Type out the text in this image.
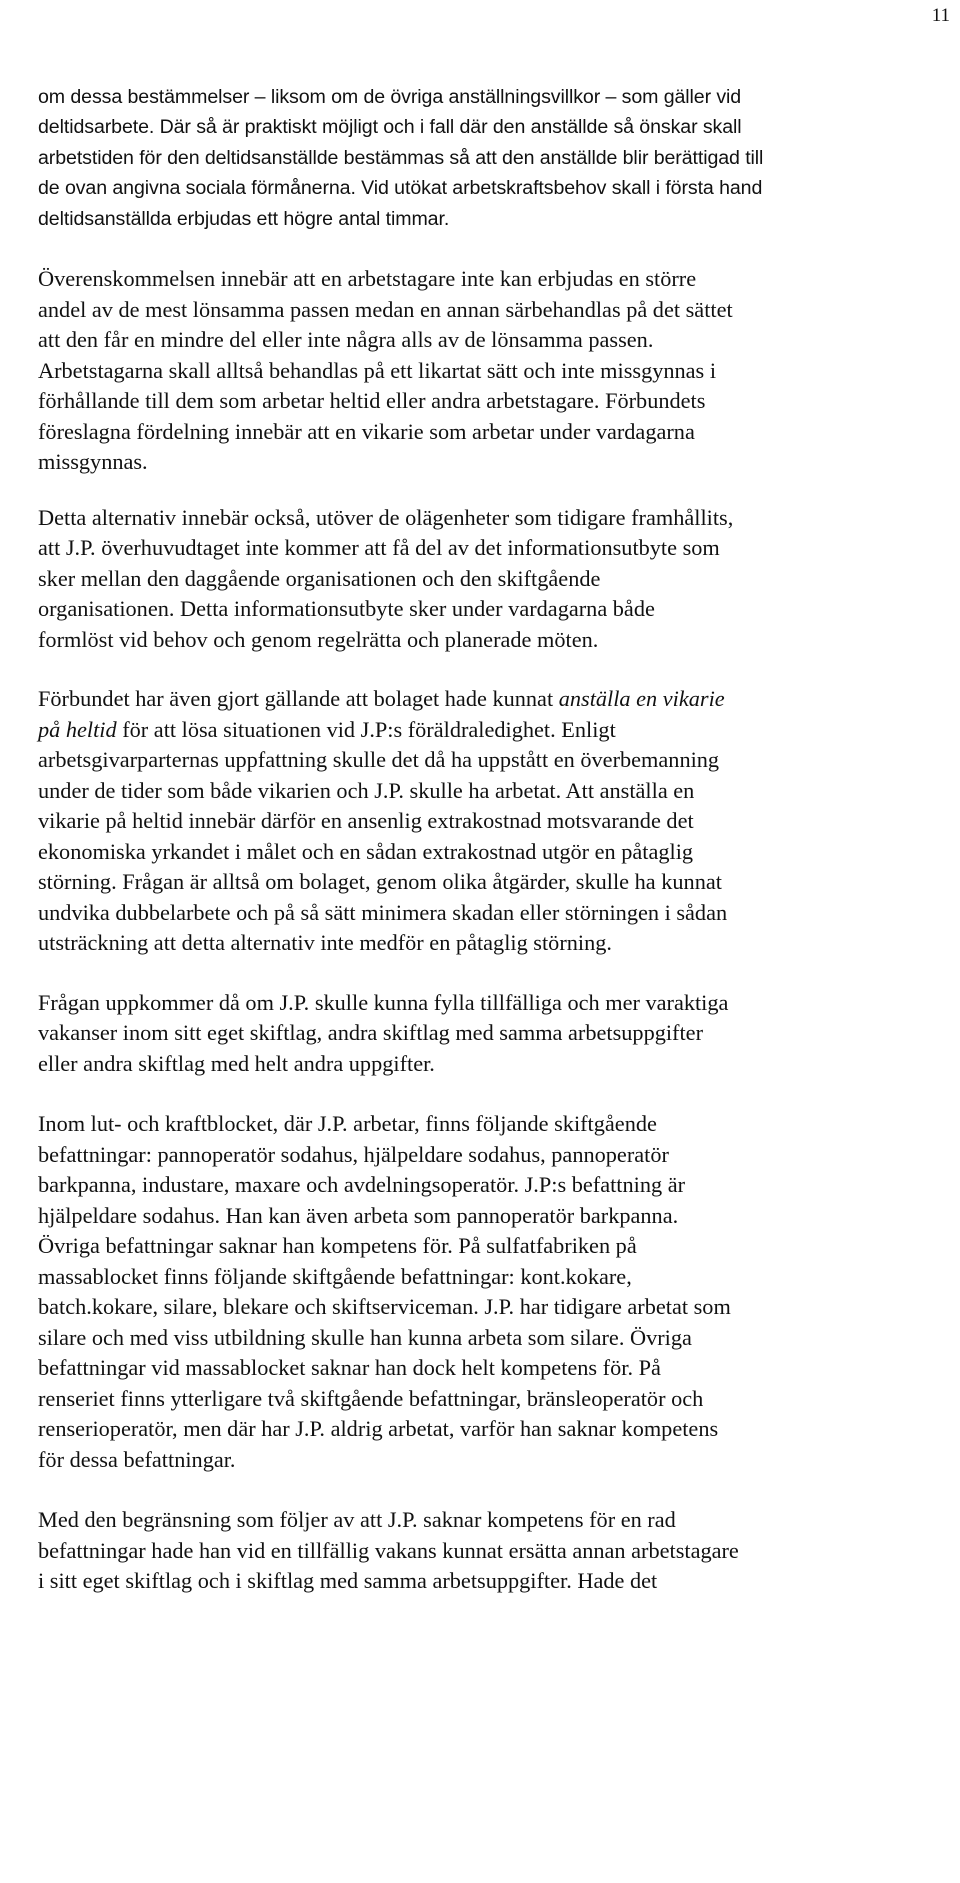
11

om dessa bestämmelser – liksom om de övriga anställningsvillkor – som gäller vid
deltidsarbete. Där så är praktiskt möjligt och i fall där den anställde så önskar skall
arbetstiden för den deltidsanställde bestämmas så att den anställde blir berättigad till
de ovan angivna sociala förmånerna. Vid utökat arbetskraftsbehov skall i första hand
deltidsanställda erbjudas ett högre antal timmar.

Överenskommelsen innebär att en arbetstagare inte kan erbjudas en större
andel av de mest lönsamma passen medan en annan särbehandlas på det sättet
att den får en mindre del eller inte några alls av de lönsamma passen.
Arbetstagarna skall alltså behandlas på ett likartat sätt och inte missgynnas i
förhållande till dem som arbetar heltid eller andra arbetstagare. Förbundets
föreslagna fördelning innebär att en vikarie som arbetar under vardagarna
missgynnas.

Detta alternativ innebär också, utöver de olägenheter som tidigare framhållits,
att J.P. överhuvudtaget inte kommer att få del av det informationsutbyte som
sker mellan den daggående organisationen och den skiftgående
organisationen. Detta informationsutbyte sker under vardagarna både
formlöst vid behov och genom regelrätta och planerade möten.

Förbundet har även gjort gällande att bolaget hade kunnat anställa en vikarie
på heltid för att lösa situationen vid J.P:s föräldraledighet. Enligt
arbetsgivarparternas uppfattning skulle det då ha uppstått en överbemanning
under de tider som både vikarien och J.P. skulle ha arbetat. Att anställa en
vikarie på heltid innebär därför en ansenlig extrakostnad motsvarande det
ekonomiska yrkandet i målet och en sådan extrakostnad utgör en påtaglig
störning. Frågan är alltså om bolaget, genom olika åtgärder, skulle ha kunnat
undvika dubbelarbete och på så sätt minimera skadan eller störningen i sådan
utsträckning att detta alternativ inte medför en påtaglig störning.

Frågan uppkommer då om J.P. skulle kunna fylla tillfälliga och mer varaktiga
vakanser inom sitt eget skiftlag, andra skiftlag med samma arbetsuppgifter
eller andra skiftlag med helt andra uppgifter.

Inom lut- och kraftblocket, där J.P. arbetar, finns följande skiftgående
befattningar: pannoperatör sodahus, hjälpeldare sodahus, pannoperatör
barkpanna, industare, maxare och avdelningsoperatör. J.P:s befattning är
hjälpeldare sodahus. Han kan även arbeta som pannoperatör barkpanna.
Övriga befattningar saknar han kompetens för. På sulfatfabriken på
massablocket finns följande skiftgående befattningar: kont.kokare,
batch.kokare, silare, blekare och skiftserviceman. J.P. har tidigare arbetat som
silare och med viss utbildning skulle han kunna arbeta som silare. Övriga
befattningar vid massablocket saknar han dock helt kompetens för. På
renseriet finns ytterligare två skiftgående befattningar, bränsleoperatör och
renserioperatör, men där har J.P. aldrig arbetat, varför han saknar kompetens
för dessa befattningar.

Med den begränsning som följer av att J.P. saknar kompetens för en rad
befattningar hade han vid en tillfällig vakans kunnat ersätta annan arbetstagare
i sitt eget skiftlag och i skiftlag med samma arbetsuppgifter. Hade det
